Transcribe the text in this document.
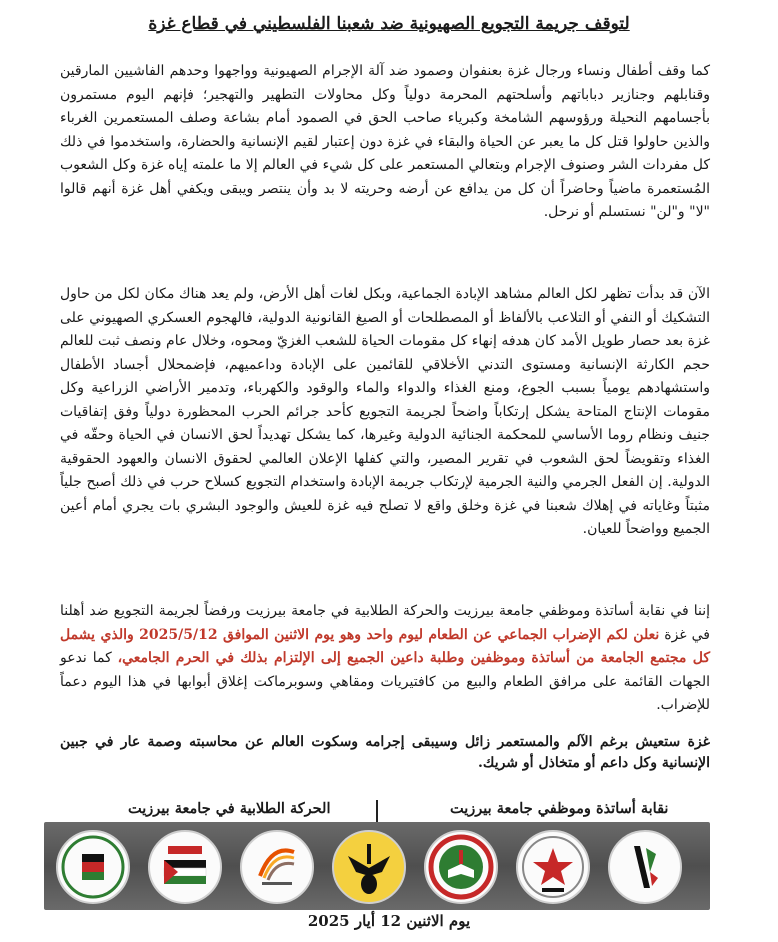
لتوقف جريمة التجويع الصهيونية ضد شعبنا الفلسطيني في قطاع غزة

كما وقف أطفال ونساء ورجال غزة بعنفوان وصمود ضد آلة الإجرام الصهيونية وواجهوا وحدهم الفاشيين المارقين وقنابلهم وجنازير دباباتهم وأسلحتهم المحرمة دولياً وكل محاولات التطهير والتهجير؛ فإنهم اليوم مستمرون بأجسامهم النحيلة ورؤوسهم الشامخة وكبرياء صاحب الحق في الصمود أمام بشاعة وصلف المستعمرين الغرباء والذين حاولوا قتل كل ما يعبر عن الحياة والبقاء في غزة دون إعتبار لقيم الإنسانية والحضارة، واستخدموا في ذلك كل مفردات الشر وصنوف الإجرام وبتعالي المستعمر على كل شيء في العالم إلا ما علمته إياه غزة وكل الشعوب المُستعمرة ماضياً وحاضراً أن كل من يدافع عن أرضه وحريته لا بد وأن ينتصر ويبقى ويكفي أهل غزة أنهم قالوا "لا" و"لن" نستسلم أو نرحل.

الآن قد بدأت تظهر لكل العالم مشاهد الإبادة الجماعية، وبكل لغات أهل الأرض، ولم يعد هناك مكان لكل من حاول التشكيك أو النفي أو التلاعب بالألفاظ أو المصطلحات أو الصيغ القانونية الدولية، فالهجوم العسكري الصهيوني على غزة بعد حصار طويل الأمد كان هدفه إنهاء كل مقومات الحياة للشعب الغزيّ ومحوه، وخلال عام ونصف ثبت للعالم حجم الكارثة الإنسانية ومستوى التدني الأخلاقي للقائمين على الإبادة وداعميهم، فإضمحلال أجساد الأطفال واستشهادهم يومياً بسبب الجوع، ومنع الغذاء والدواء والماء والوقود والكهرباء، وتدمير الأراضي الزراعية وكل مقومات الإنتاج المتاحة يشكل إرتكاباً واضحاً لجريمة التجويع كأحد جرائم الحرب المحظورة دولياً وفق إتفاقيات جنيف ونظام روما الأساسي للمحكمة الجنائية الدولية وغيرها، كما يشكل تهديداً لحق الانسان في الحياة وحقّه في الغذاء وتقويضاً لحق الشعوب في تقرير المصير، والتي كفلها الإعلان العالمي لحقوق الانسان والعهود الحقوقية الدولية. إن الفعل الجرمي والنية الجرمية لإرتكاب جريمة الإبادة واستخدام التجويع كسلاح حرب في ذلك أصبح جلياً مثبتاً وغاياته في إهلاك شعبنا في غزة وخلق واقع لا تصلح فيه غزة للعيش والوجود البشري بات يجري أمام أعين الجميع وواضحاً للعيان.

إننا في نقابة أساتذة وموظفي جامعة بيرزيت والحركة الطلابية في جامعة بيرزيت ورفضاً لجريمة التجويع ضد أهلنا في غزة نعلن لكم الإضراب الجماعي عن الطعام ليوم واحد وهو يوم الاثنين الموافق 2025/5/12 والذي يشمل كل مجتمع الجامعة من أساتذة وموظفين وطلبة داعين الجميع إلى الإلتزام بذلك في الحرم الجامعي، كما ندعو الجهات القائمة على مرافق الطعام والبيع من كافتيريات ومقاهي وسوبرماكت إغلاق أبوابها في هذا اليوم دعماً للإضراب.

غزة ستعيش برغم الآلم والمستعمر زائل وسيبقى إجرامه وسكوت العالم عن محاسبته وصمة عار في جبين الإنسانية وكل داعم أو متخاذل أو شريك.

نقابة أساتذة وموظفي جامعة بيرزيت
الحركة الطلابية في جامعة بيرزيت

يوم الاثنين 12 أيار 2025
